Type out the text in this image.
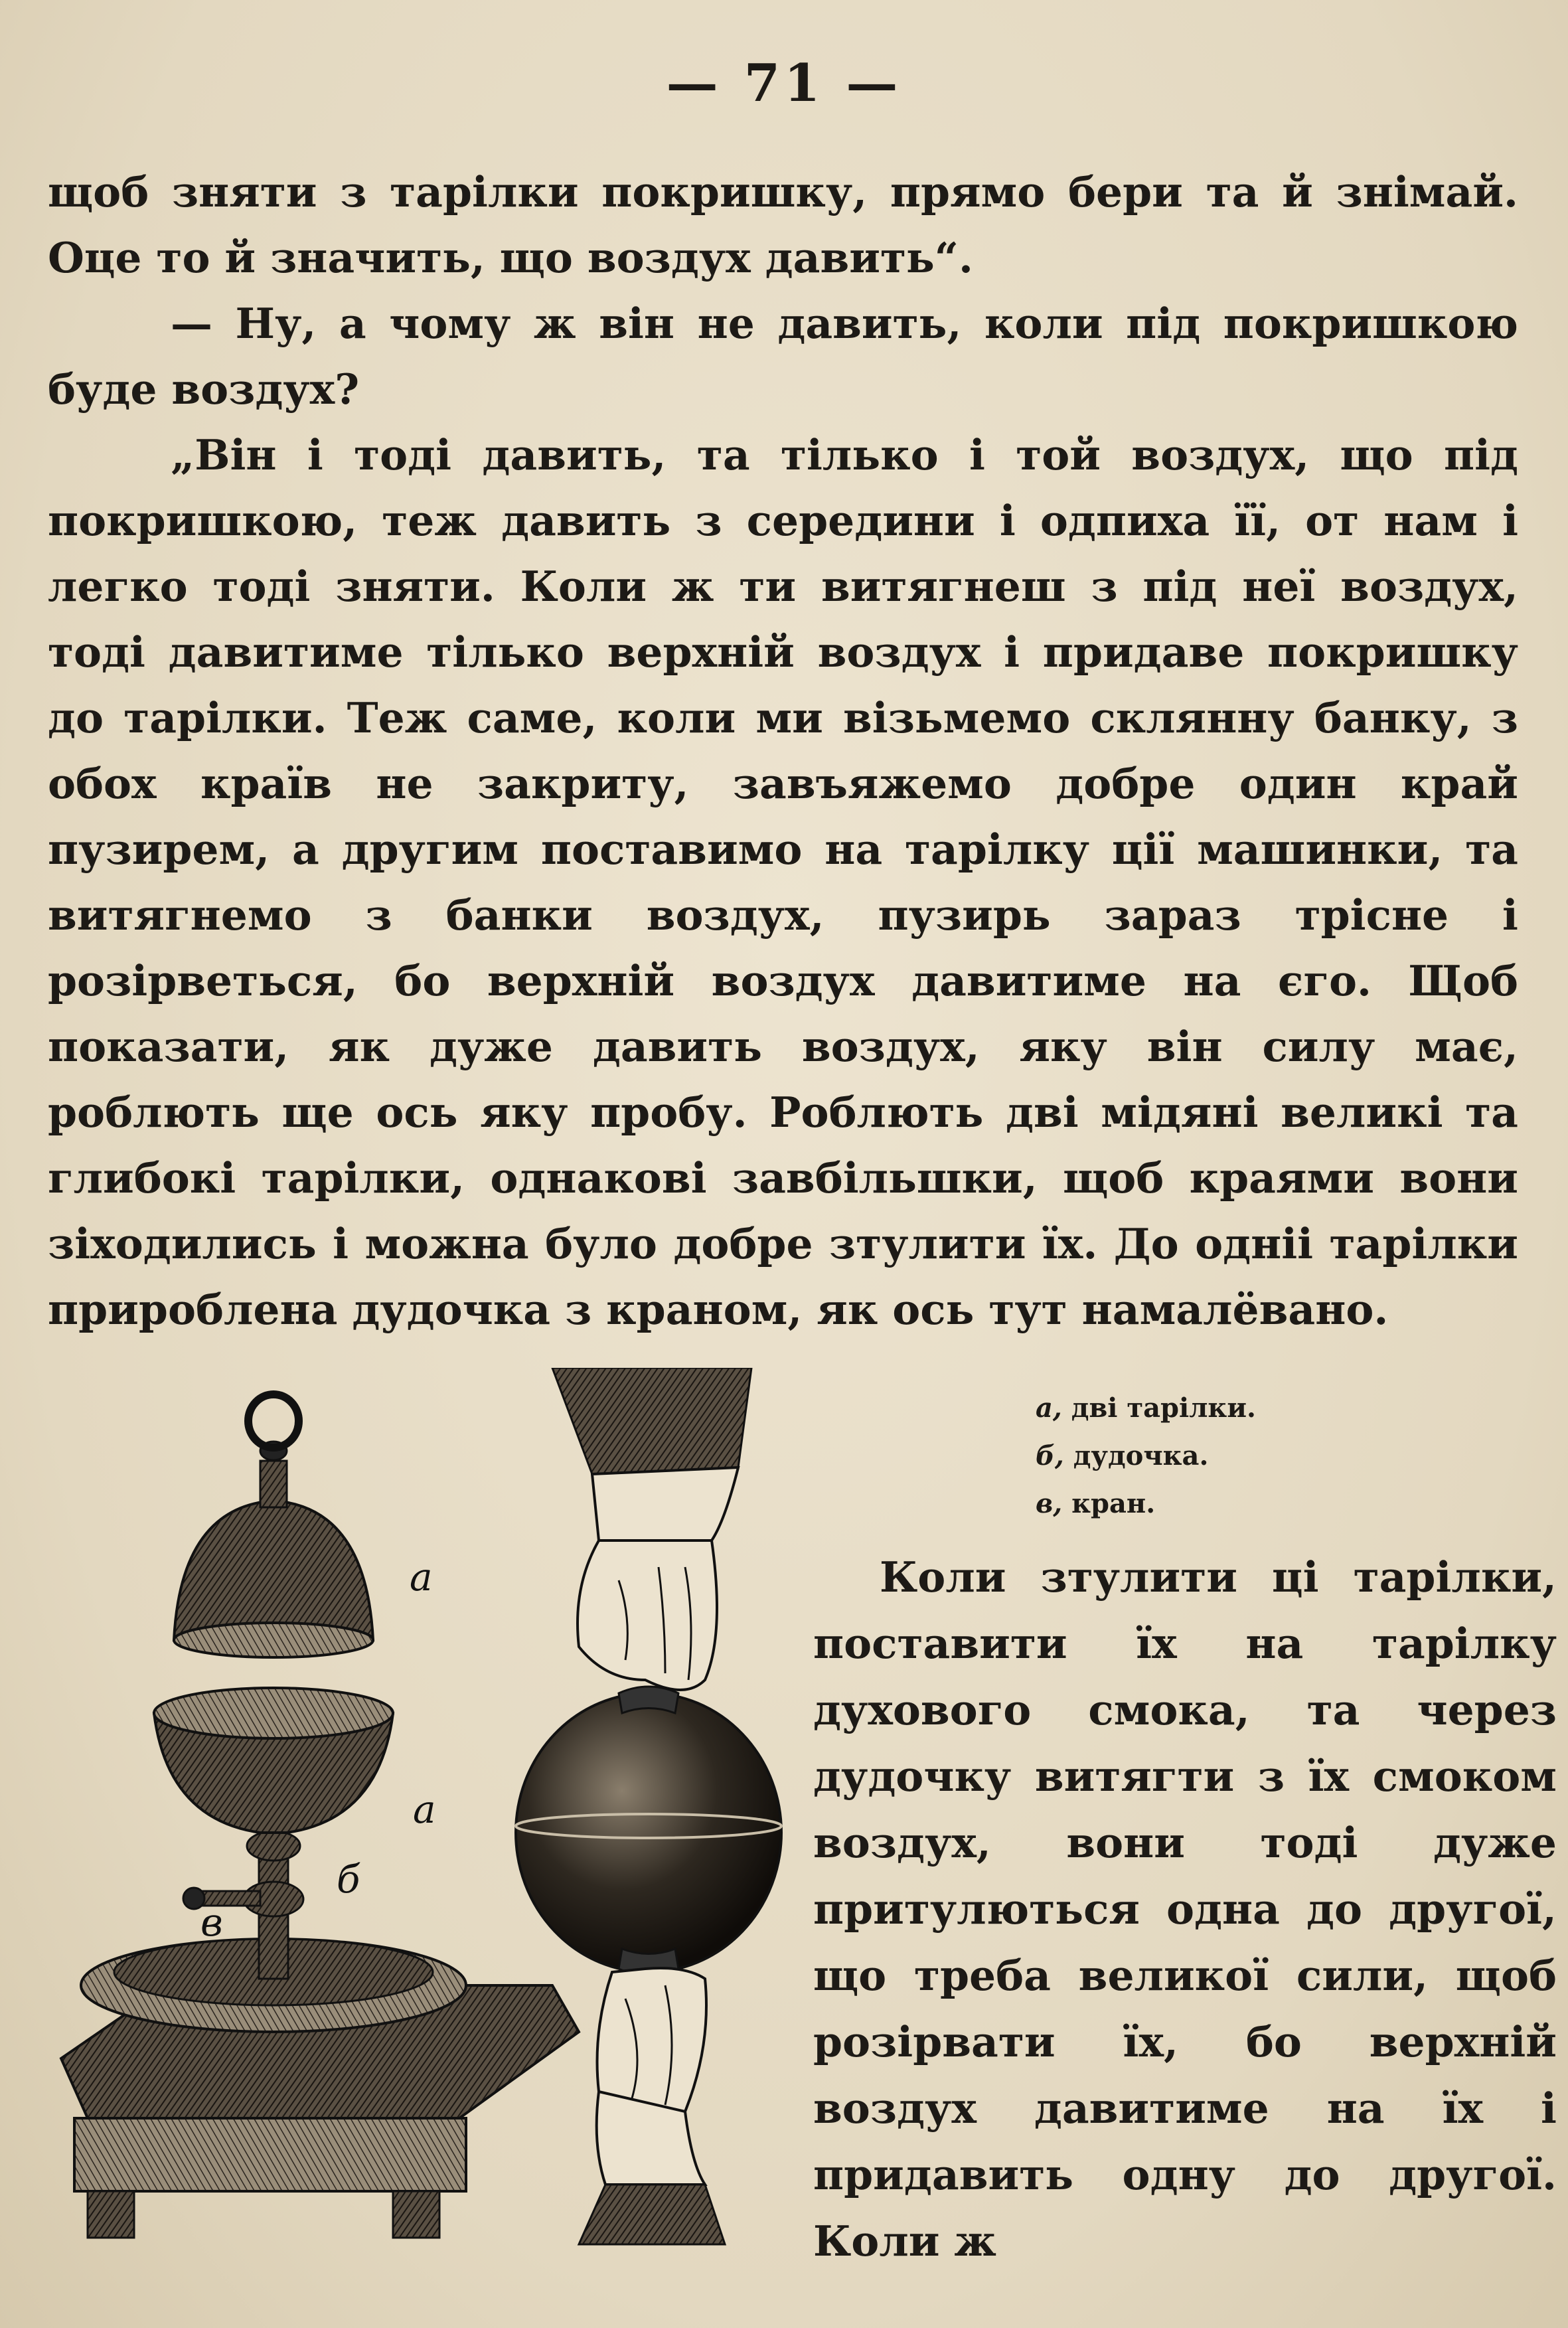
— 71 —

щоб зняти з тарілки покришку, прямо бери та й знімай. Оце то й значить, що воздух давить“.

— Ну, а чому ж він не давить, коли під покришкою буде воздух?

„Він і тоді давить, та тілько і той воздух, що під покришкою, теж давить з середини і одпиха її, от нам і легко тоді зняти. Коли ж ти витягнеш з під неї воздух, тоді давитиме тілько верхній воздух і придаве покришку до тарілки. Теж саме, коли ми візьмемо склянну банку, з обох країв не закриту, завъяжемо добре один край пузирем, а другим поставимо на тарілку ції машинки, та витягнемо з банки воздух, пузирь зараз трісне і розірветься, бо верхній воздух давитиме на єго. Щоб показати, як дуже давить воздух, яку він силу має, роблють ще ось яку пробу. Роблють дві мідяні великі та глибокі тарілки, однакові завбільшки, щоб краями вони зіходились і можна було добре зтулити їх. До одніі тарілки прироблена дудочка з краном, як ось тут намалёвано.

а
а
б
в
а, дві тарілки.
б, дудочка.
в, кран.

Коли зтулити ці тарілки, поставити їх на тарілку духового смока, та через дудочку витягти з їх смоком воздух, вони тоді дуже притулються одна до другої, що треба великої сили, щоб розірвати їх, бо верхній воздух давитиме на їх і придавить одну до другої. Коли ж
